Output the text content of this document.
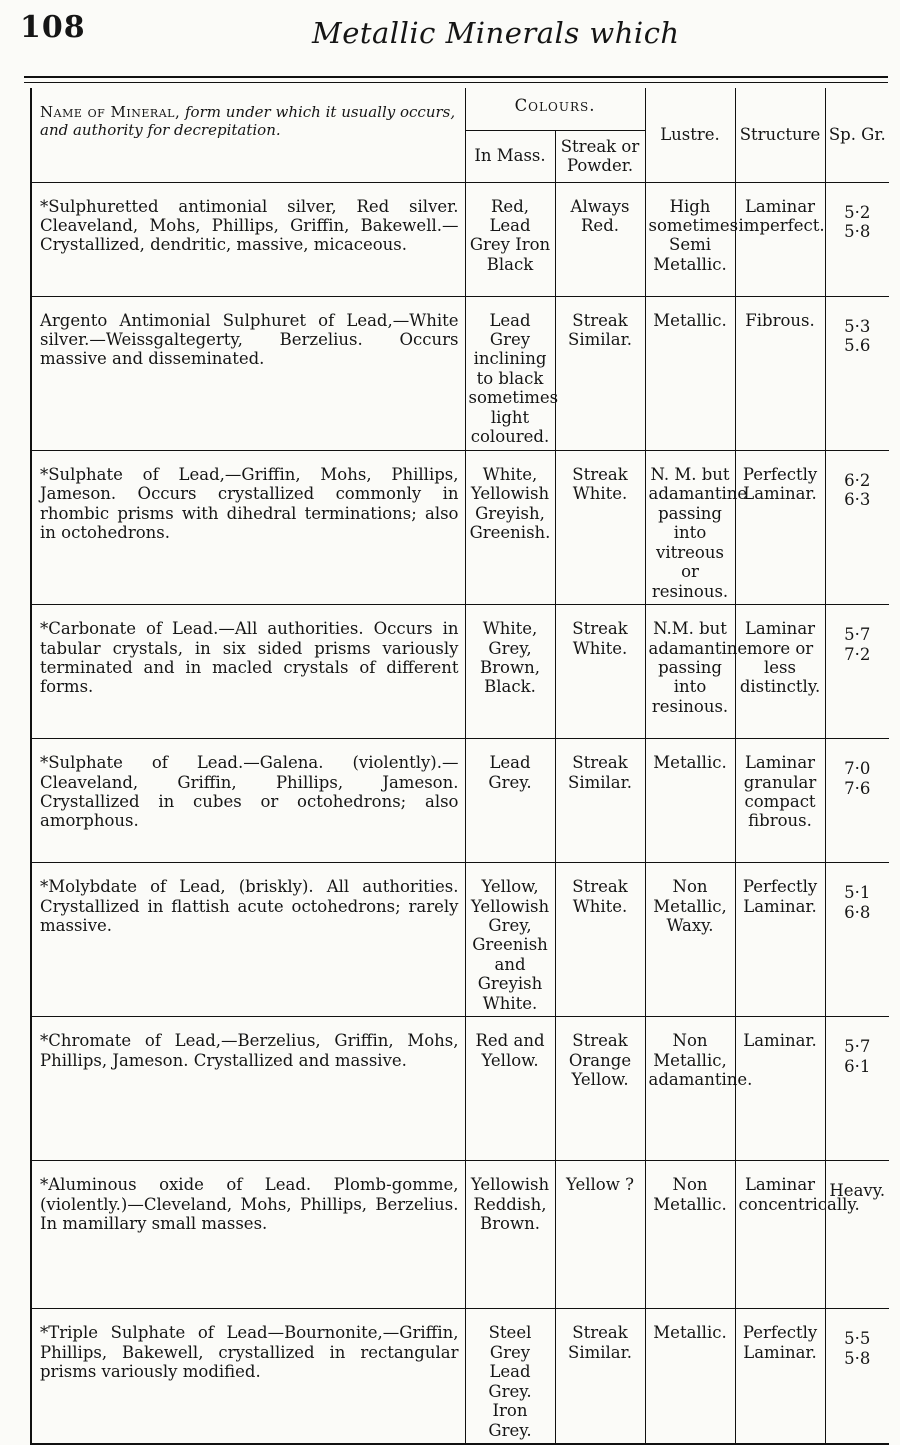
108	Metallic Minerals which
Name of Mineral, form under which it usually occurs, and authority for decrepitation.	Colours.		Lustre.	Structure	Sp. Gr.
	In Mass.	Streak or Powder.			
*Sulphuretted antimonial silver, Red silver. Cleaveland, Mohs, Phillips, Griffin, Bakewell.—Crystallized, dendritic, massive, micaceous.	Red, Lead Grey Iron Black	Always Red.	High sometimes Semi Metallic.	Laminar imperfect.	5·2 5·8
Argento Antimonial Sulphuret of Lead,—White silver.—Weissgaltegerty, Berzelius. Occurs massive and disseminated.	Lead Grey inclining to black sometimes light coloured.	Streak Similar.	Metallic.	Fibrous.	5·3 5.6
*Sulphate of Lead,—Griffin, Mohs, Phillips, Jameson. Occurs crystallized commonly in rhombic prisms with dihedral terminations; also in octohedrons.	White, Yellowish Greyish, Greenish.	Streak White.	N. M. but adamantine passing into vitreous or resinous.	Perfectly Laminar.	6·2 6·3
*Carbonate of Lead.—All authorities. Occurs in tabular crystals, in six sided prisms variously terminated and in macled crystals of different forms.	White, Grey, Brown, Black.	Streak White.	N.M. but adamantine passing into resinous.	Laminar more or less distinctly.	5·7 7·2
*Sulphate of Lead.—Galena. (violently).—Cleaveland, Griffin, Phillips, Jameson. Crystallized in cubes or octohedrons; also amorphous.	Lead Grey.	Streak Similar.	Metallic.	Laminar granular compact fibrous.	7·0 7·6
*Molybdate of Lead, (briskly). All authorities. Crystallized in flattish acute octohedrons; rarely massive.	Yellow, Yellowish Grey, Greenish and Greyish White.	Streak White.	Non Metallic, Waxy.	Perfectly Laminar.	5·1 6·8
*Chromate of Lead,—Berzelius, Griffin, Mohs, Phillips, Jameson. Crystallized and massive.	Red and Yellow.	Streak Orange Yellow.	Non Metallic, adamantine.	Laminar.	5·7 6·1
*Aluminous oxide of Lead. Plomb-gomme, (violently.)—Cleveland, Mohs, Phillips, Berzelius. In mamillary small masses.	Yellowish Reddish, Brown.	Yellow ?	Non Metallic.	Laminar concentrically.	Heavy.
*Triple Sulphate of Lead—Bournonite,—Griffin, Phillips, Bakewell, crystallized in rectangular prisms variously modified.	Steel Grey Lead Grey. Iron Grey.	Streak Similar.	Metallic.	Perfectly Laminar.	5·5 5·8
